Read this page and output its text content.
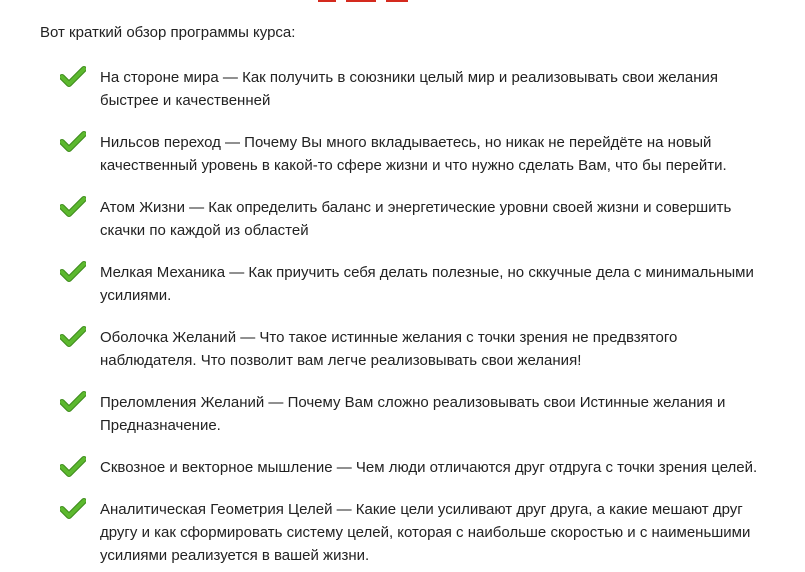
Вот краткий обзор программы курса:
На стороне мира — Как получить в союзники целый мир и реализовывать свои желания быстрее и качественней
Нильсов переход — Почему Вы много вкладываетесь, но никак не перейдёте на новый качественный уровень в какой-то сфере жизни и что нужно сделать Вам, что бы перейти.
Атом Жизни — Как определить баланс и энергетические уровни своей жизни и совершить скачки по каждой из областей
Мелкая Механика — Как приучить себя делать полезные, но сккучные дела с минимальными усилиями.
Оболочка Желаний — Что такое истинные желания с точки зрения не предвзятого наблюдателя. Что позволит вам легче реализовывать свои желания!
Преломления Желаний — Почему Вам сложно реализовывать свои Истинные желания и Предназначение.
Сквозное и векторное мышление — Чем люди отличаются друг отдруга с точки зрения целей.
Аналитическая Геометрия Целей — Какие цели усиливают друг друга, а какие мешают друг другу и как сформировать систему целей, которая с наибольше скоростью и с наименьшими усилиями реализуется в вашей жизни.
